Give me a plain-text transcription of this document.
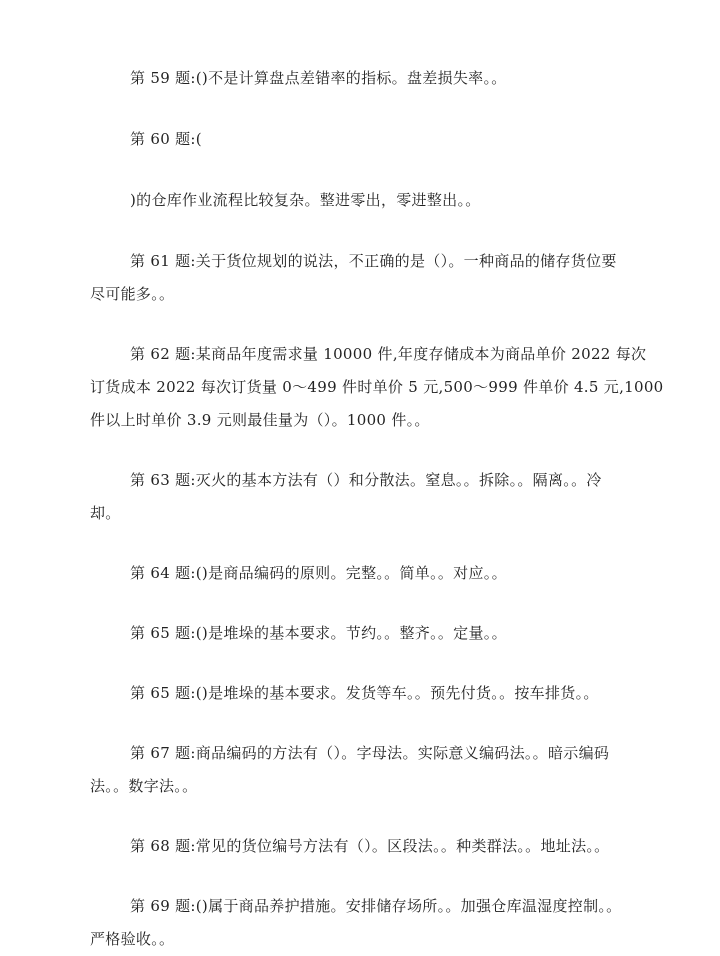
第 59 题:()不是计算盘点差错率的指标。盘差损失率。。

第 60 题:(

)的仓库作业流程比较复杂。整进零出，零进整出。。

第 61 题:关于货位规划的说法，不正确的是（）。一种商品的储存货位要
尽可能多。。

第 62 题:某商品年度需求量 10000 件,年度存储成本为商品单价 2022 每次
订货成本 2022 每次订货量 0～499 件时单价 5 元,500～999 件单价 4.5 元,1000
件以上时单价 3.9 元则最佳量为（）。1000 件。。

第 63 题:灭火的基本方法有（）和分散法。窒息。。拆除。。隔离。。冷
却。

第 64 题:()是商品编码的原则。完整。。简单。。对应。。

第 65 题:()是堆垛的基本要求。节约。。整齐。。定量。。

第 65 题:()是堆垛的基本要求。发货等车。。预先付货。。按车排货。。

第 67 题:商品编码的方法有（）。字母法。实际意义编码法。。暗示编码
法。。数字法。。

第 68 题:常见的货位编号方法有（）。区段法。。种类群法。。地址法。。

第 69 题:()属于商品养护措施。安排储存场所。。加强仓库温湿度控制。。
严格验收。。
